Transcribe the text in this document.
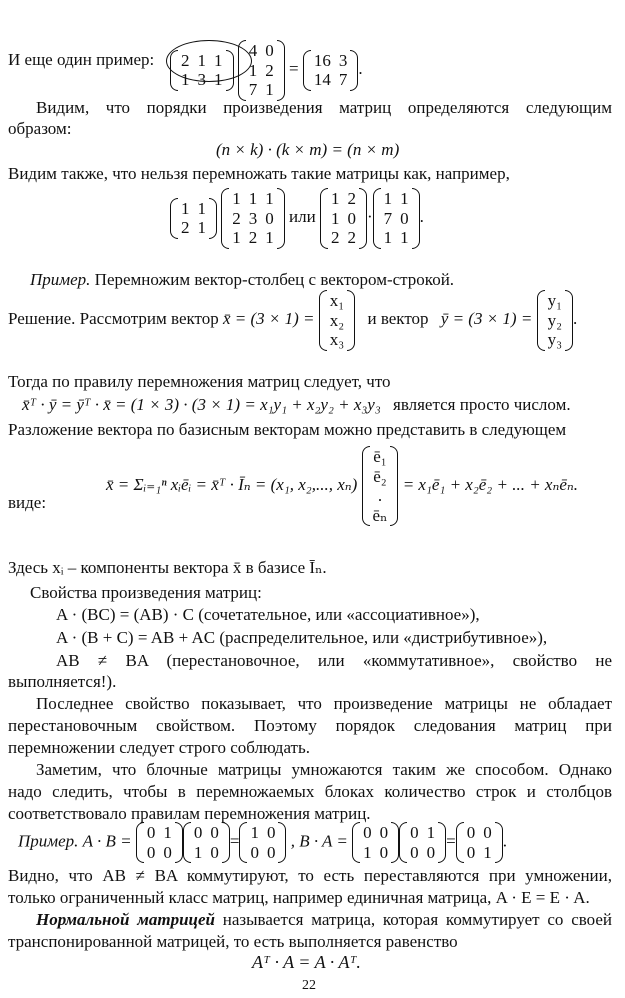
И еще один пример: 2 1 1
1 3 1

4 0
1 2
7 1
= 16 3
14 7
.
Видим, что порядки произведения матриц определяются следующим
образом:
(n × k) · (k × m) = (n × m)
Видим также, что нельзя перемножать такие матрицы как, например,
1 1
2 1

1 1 1
2 3 0
1 2 1
или
1 2
1 0
2 2
·
1 1
7 0
1 1
.
Пример. Перемножим вектор-столбец с вектором-строкой.
Решение. Рассмотрим вектор x̄ = (3 × 1) =
x₁
x₂
x₃
и вектор ȳ = (3 × 1) =
y₁
y₂
y₃
.
Тогда по правилу перемножения матриц следует, что
x̄ᵀ · ȳ = ȳᵀ · x̄ = (1 × 3) · (3 × 1) = x₁y₁ + x₂y₂ + x₃y₃ является просто числом.
Разложение вектора по базисным векторам можно представить в следующем
виде:
x̄ = Σᵢ₌₁ⁿ xᵢēᵢ = x̄ᵀ · Īₙ = (x₁, x₂,..., xₙ)
ē₁
ē₂
.
ēₙ
= x₁ē₁ + x₂ē₂ + ... + xₙēₙ.
Здесь xᵢ – компоненты вектора x̄ в базисе Īₙ.
Свойства произведения матриц:
A · (BC) = (AB) · C (сочетательное, или «ассоциативное»),
A · (B + C) = AB + AC (распределительное, или «дистрибутивное»),
AB ≠ BA (перестановочное, или «коммутативное», свойство не
выполняется!).
Последнее свойство показывает, что произведение матрицы не обладает
перестановочным свойством. Поэтому порядок следования матриц при
перемножении следует строго соблюдать.
Заметим, что блочные матрицы умножаются таким же способом. Однако
надо следить, чтобы в перемножаемых блоках количество строк и столбцов
соответствовало правилам перемножения матриц.
Пример. A · B = 0 1
0 0
0 0
1 0
= 1 0
0 0
, B · A = 0 0
1 0
0 1
0 0
= 0 0
0 1
.
Видно, что AB ≠ BA коммутируют, то есть переставляются при умножении,
только ограниченный класс матриц, например единичная матрица, A · E = E · A.
Нормальной матрицей называется матрица, которая коммутирует со своей
транспонированной матрицей, то есть выполняется равенство
Aᵀ · A = A · Aᵀ.
22
